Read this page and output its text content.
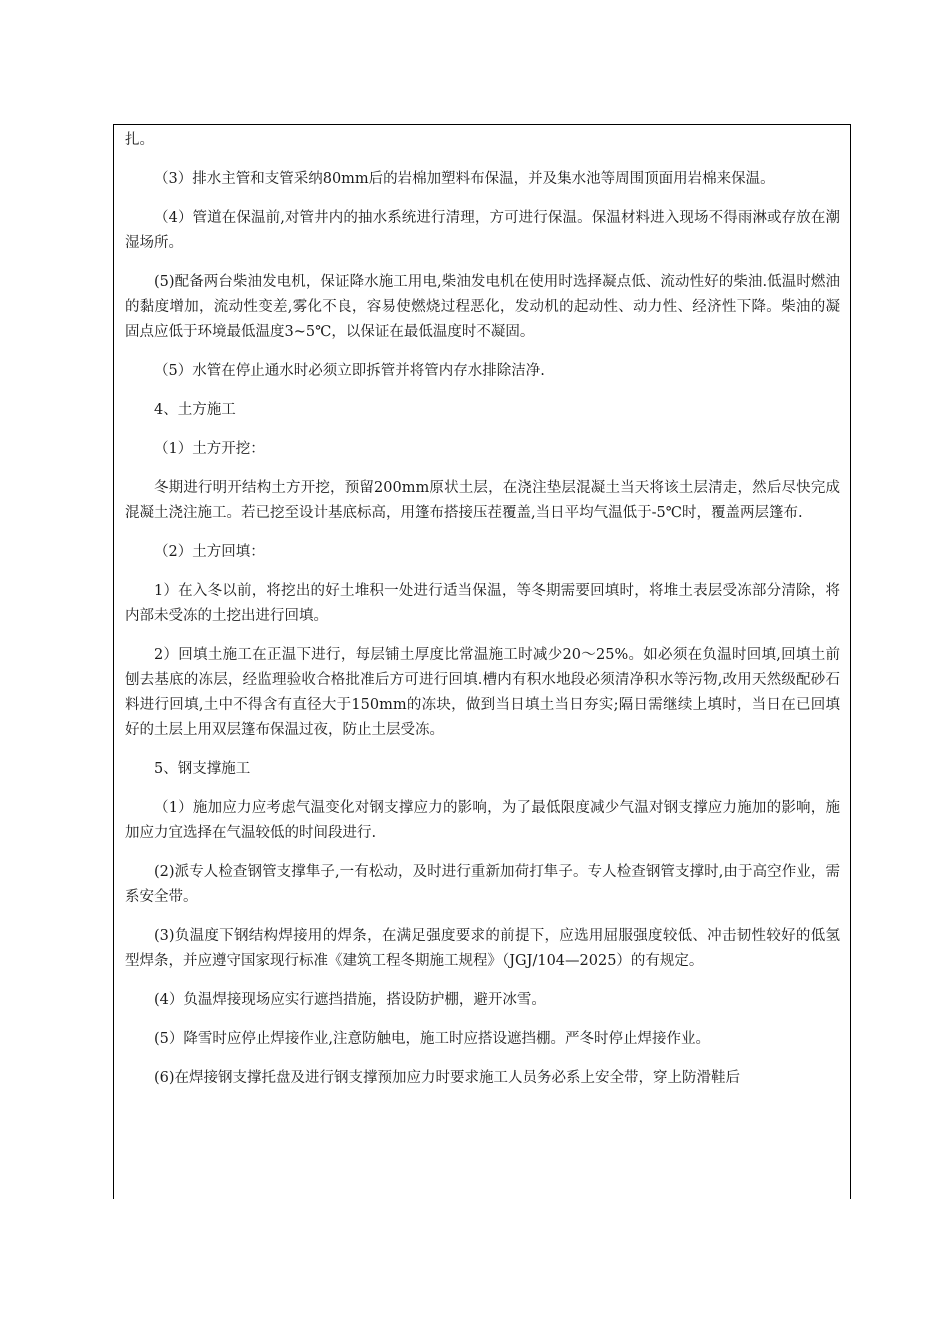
扎。

（3）排水主管和支管采纳80mm后的岩棉加塑料布保温，并及集水池等周围顶面用岩棉来保温。

（4）管道在保温前,对管井内的抽水系统进行清理，方可进行保温。保温材料进入现场不得雨淋或存放在潮湿场所。

(5)配备两台柴油发电机，保证降水施工用电,柴油发电机在使用时选择凝点低、流动性好的柴油.低温时燃油的黏度增加，流动性变差,雾化不良，容易使燃烧过程恶化，发动机的起动性、动力性、经济性下降。柴油的凝固点应低于环境最低温度3~5℃，以保证在最低温度时不凝固。

（5）水管在停止通水时必须立即拆管并将管内存水排除洁净.

4、土方施工

（1）土方开挖：

冬期进行明开结构土方开挖，预留200mm原状土层，在浇注垫层混凝土当天将该土层清走，然后尽快完成混凝土浇注施工。若已挖至设计基底标高，用篷布搭接压茬覆盖,当日平均气温低于-5℃时，覆盖两层篷布.

（2）土方回填：

1）在入冬以前，将挖出的好土堆积一处进行适当保温，等冬期需要回填时，将堆土表层受冻部分清除，将内部未受冻的土挖出进行回填。

2）回填土施工在正温下进行，每层铺土厚度比常温施工时减少20～25%。如必须在负温时回填,回填土前刨去基底的冻层，经监理验收合格批准后方可进行回填.槽内有积水地段必须清净积水等污物,改用天然级配砂石料进行回填,土中不得含有直径大于150mm的冻块，做到当日填土当日夯实;隔日需继续上填时，当日在已回填好的土层上用双层篷布保温过夜，防止土层受冻。

5、钢支撑施工

（1）施加应力应考虑气温变化对钢支撑应力的影响，为了最低限度减少气温对钢支撑应力施加的影响，施加应力宜选择在气温较低的时间段进行.

(2)派专人检查钢管支撑隼子,一有松动，及时进行重新加荷打隼子。专人检查钢管支撑时,由于高空作业，需系安全带。

(3)负温度下钢结构焊接用的焊条，在满足强度要求的前提下，应选用屈服强度较低、冲击韧性较好的低氢型焊条，并应遵守国家现行标准《建筑工程冬期施工规程》（JGJ/104—2025）的有规定。

(4）负温焊接现场应实行遮挡措施，搭设防护棚，避开冰雪。

(5）降雪时应停止焊接作业,注意防触电，施工时应搭设遮挡棚。严冬时停止焊接作业。

(6)在焊接钢支撑托盘及进行钢支撑预加应力时要求施工人员务必系上安全带，穿上防滑鞋后
